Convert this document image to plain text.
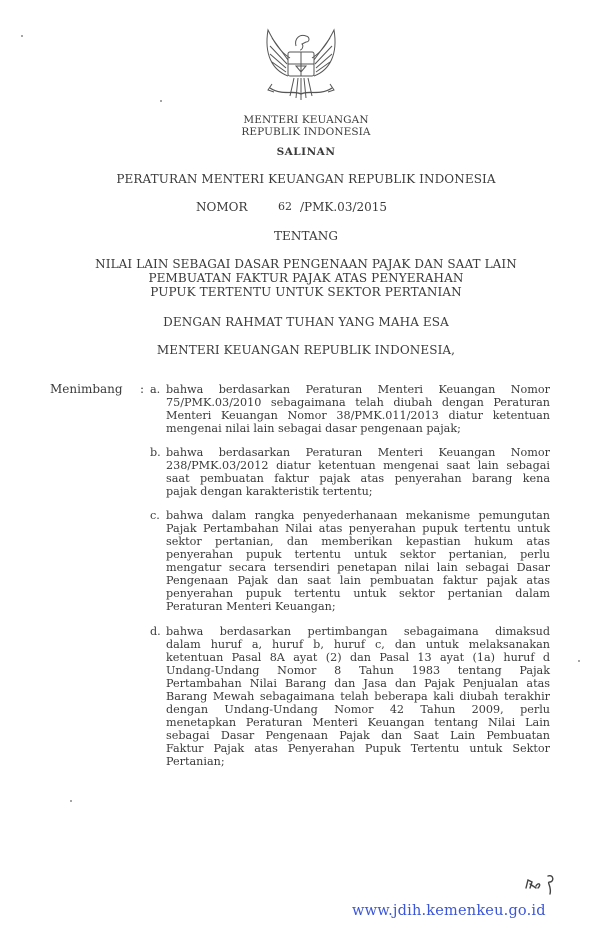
MENTERI KEUANGAN
REPUBLIK INDONESIA
SALINAN
PERATURAN MENTERI KEUANGAN REPUBLIK INDONESIA
NOMOR	62 /PMK.03/2015
TENTANG
NILAI LAIN SEBAGAI DASAR PENGENAAN PAJAK DAN SAAT LAIN
PEMBUATAN FAKTUR PAJAK ATAS PENYERAHAN
PUPUK TERTENTU UNTUK SEKTOR PERTANIAN
DENGAN RAHMAT TUHAN YANG MAHA ESA
MENTERI KEUANGAN REPUBLIK INDONESIA,
Menimbang : a. bahwa berdasarkan Peraturan Menteri Keuangan Nomor
75/PMK.03/2010 sebagaimana telah diubah dengan Peraturan
Menteri Keuangan Nomor 38/PMK.011/2013 diatur ketentuan
mengenai nilai lain sebagai dasar pengenaan pajak;
b. bahwa berdasarkan Peraturan Menteri Keuangan Nomor
238/PMK.03/2012 diatur ketentuan mengenai saat lain sebagai
saat pembuatan faktur pajak atas penyerahan barang kena
pajak dengan karakteristik tertentu;
c. bahwa dalam rangka penyederhanaan mekanisme pemungutan
Pajak Pertambahan Nilai atas penyerahan pupuk tertentu untuk
sektor pertanian, dan memberikan kepastian hukum atas
penyerahan pupuk tertentu untuk sektor pertanian, perlu
mengatur secara tersendiri penetapan nilai lain sebagai Dasar
Pengenaan Pajak dan saat lain pembuatan faktur pajak atas
penyerahan pupuk tertentu untuk sektor pertanian dalam
Peraturan Menteri Keuangan;
d. bahwa berdasarkan pertimbangan sebagaimana dimaksud
dalam huruf a, huruf b, huruf c, dan untuk melaksanakan
ketentuan Pasal 8A ayat (2) dan Pasal 13 ayat (1a) huruf d
Undang-Undang Nomor 8 Tahun 1983 tentang Pajak
Pertambahan Nilai Barang dan Jasa dan Pajak Penjualan atas
Barang Mewah sebagaimana telah beberapa kali diubah terakhir
dengan Undang-Undang Nomor 42 Tahun 2009, perlu
menetapkan Peraturan Menteri Keuangan tentang Nilai Lain
sebagai Dasar Pengenaan Pajak dan Saat Lain Pembuatan
Faktur Pajak atas Penyerahan Pupuk Tertentu untuk Sektor
Pertanian;
www.jdih.kemenkeu.go.id
